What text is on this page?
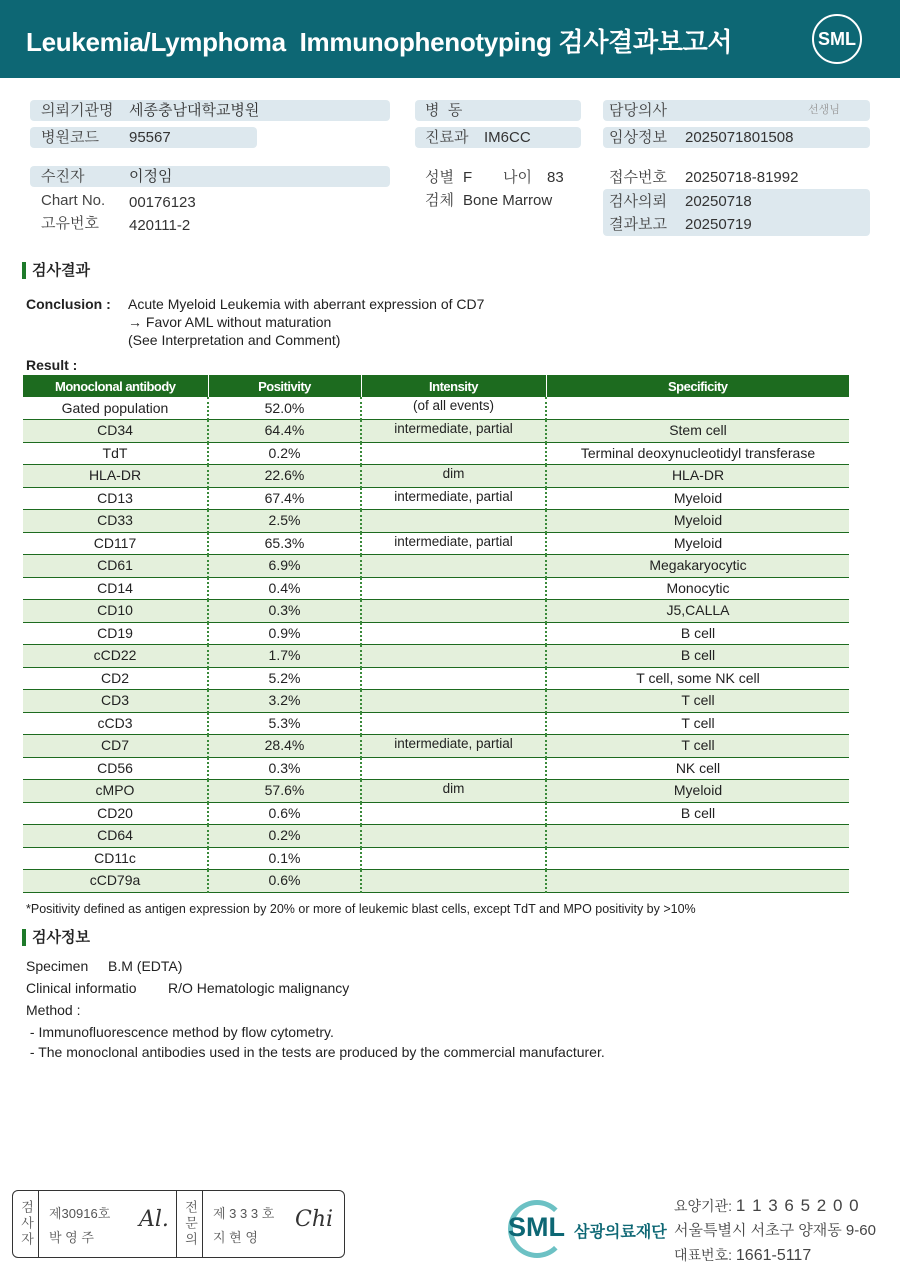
Leukemia/Lymphoma  Immunophenotyping 검사결과보고서	SML
의뢰기관명 세종충남대학교병원
병원코드 95567
병  동
진료과 IM6CC
담당의사	선생님
임상정보 2025071801508
수진자	이정임
Chart No. 00176123
고유번호 420111-2
성별 F 나이 83
검체 Bone Marrow
접수번호 20250718-81992
검사의뢰 20250718
결과보고 20250719
검사결과
Conclusion : Acute Myeloid Leukemia with aberrant expression of CD7
→ Favor AML without maturation
(See Interpretation and Comment)
Result :
Monoclonal antibody	Positivity	Intensity	Specificity
Gated population	52.0%	(of all events)	
CD34	64.4%	intermediate, partial	Stem cell
TdT	0.2%		Terminal deoxynucleotidyl transferase
HLA-DR	22.6%	dim	HLA-DR
CD13	67.4%	intermediate, partial	Myeloid
CD33	2.5%		Myeloid
CD117	65.3%	intermediate, partial	Myeloid
CD61	6.9%		Megakaryocytic
CD14	0.4%		Monocytic
CD10	0.3%		J5,CALLA
CD19	0.9%		B cell
cCD22	1.7%		B cell
CD2	5.2%		T cell, some NK cell
CD3	3.2%		T cell
cCD3	5.3%		T cell
CD7	28.4%	intermediate, partial	T cell
CD56	0.3%		NK cell
cMPO	57.6%	dim	Myeloid
CD20	0.6%		B cell
CD64	0.2%		
CD11c	0.1%		
cCD79a	0.6%		
*Positivity defined as antigen expression by 20% or more of leukemic blast cells, except TdT and MPO positivity by >10%
검사정보
Specimen B.M (EDTA)
Clinical informatio R/O Hematologic malignancy
Method :
- Immunofluorescence method by flow cytometry.
- The monoclonal antibodies used in the tests are produced by the commercial manufacturer.
검사자	제30916호
박 영 주
Al.	전문의	제 3 3 3 호
지 현 영
Chi	SML 삼광의료재단
요양기관: 1 1 3 6 5 2 0 0
서울특별시 서초구 양재동 9-60
대표번호: 1661-5117
